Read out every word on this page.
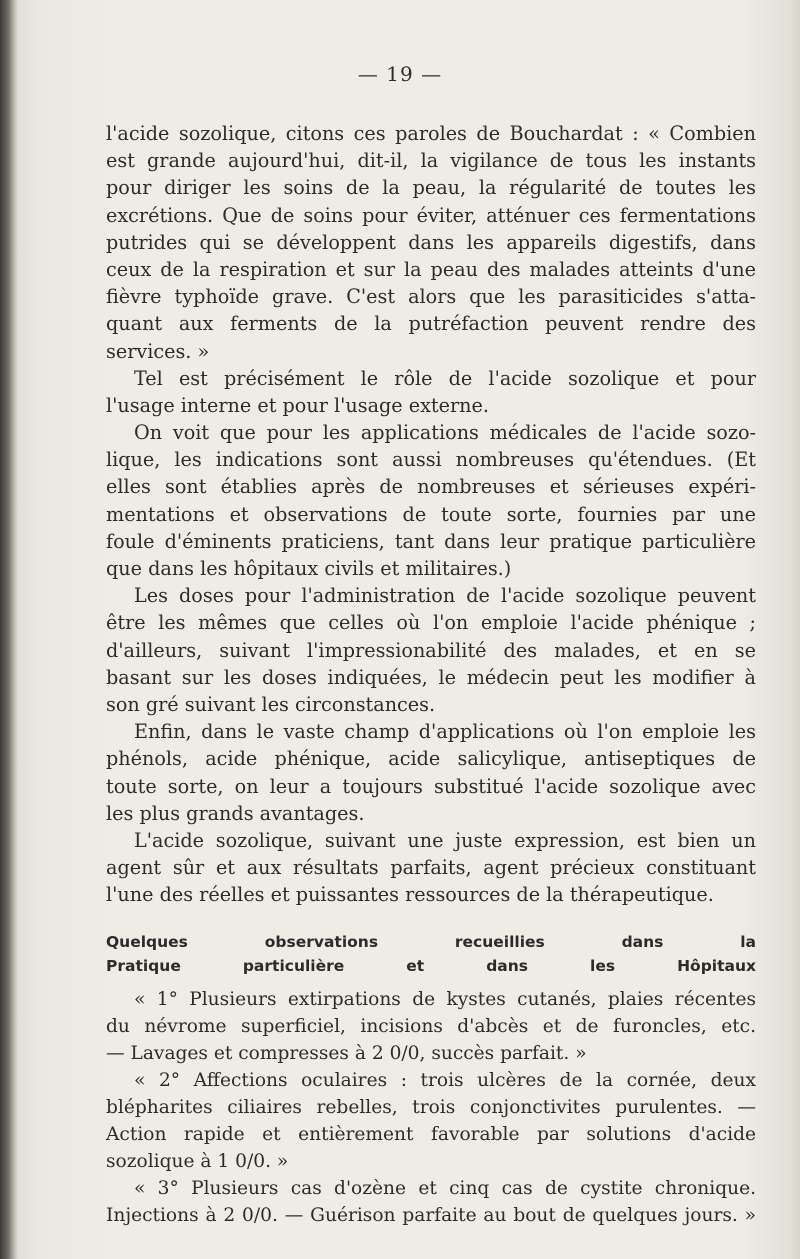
— 19 —
l'acide sozolique, citons ces paroles de Bouchardat : « Combien
est grande aujourd'hui, dit-il, la vigilance de tous les instants
pour diriger les soins de la peau, la régularité de toutes les
excrétions. Que de soins pour éviter, atténuer ces fermentations
putrides qui se développent dans les appareils digestifs, dans
ceux de la respiration et sur la peau des malades atteints d'une
fièvre typhoïde grave. C'est alors que les parasiticides s'atta-
quant aux ferments de la putréfaction peuvent rendre des
services. »
Tel est précisément le rôle de l'acide sozolique et pour
l'usage interne et pour l'usage externe.
On voit que pour les applications médicales de l'acide sozo-
lique, les indications sont aussi nombreuses qu'étendues. (Et
elles sont établies après de nombreuses et sérieuses expéri-
mentations et observations de toute sorte, fournies par une
foule d'éminents praticiens, tant dans leur pratique particulière
que dans les hôpitaux civils et militaires.)
Les doses pour l'administration de l'acide sozolique peuvent
être les mêmes que celles où l'on emploie l'acide phénique ;
d'ailleurs, suivant l'impressionabilité des malades, et en se
basant sur les doses indiquées, le médecin peut les modifier à
son gré suivant les circonstances.
Enfin, dans le vaste champ d'applications où l'on emploie les
phénols, acide phénique, acide salicylique, antiseptiques de
toute sorte, on leur a toujours substitué l'acide sozolique avec
les plus grands avantages.
L'acide sozolique, suivant une juste expression, est bien un
agent sûr et aux résultats parfaits, agent précieux constituant
l'une des réelles et puissantes ressources de la thérapeutique.
Quelques observations recueillies dans la
Pratique particulière et dans les Hôpitaux
« 1° Plusieurs extirpations de kystes cutanés, plaies récentes
du névrome superficiel, incisions d'abcès et de furoncles, etc.
— Lavages et compresses à 2 0/0, succès parfait. »
« 2° Affections oculaires : trois ulcères de la cornée, deux
blépharites ciliaires rebelles, trois conjonctivites purulentes. —
Action rapide et entièrement favorable par solutions d'acide
sozolique à 1 0/0. »
« 3° Plusieurs cas d'ozène et cinq cas de cystite chronique.
Injections à 2 0/0. — Guérison parfaite au bout de quelques jours. »
